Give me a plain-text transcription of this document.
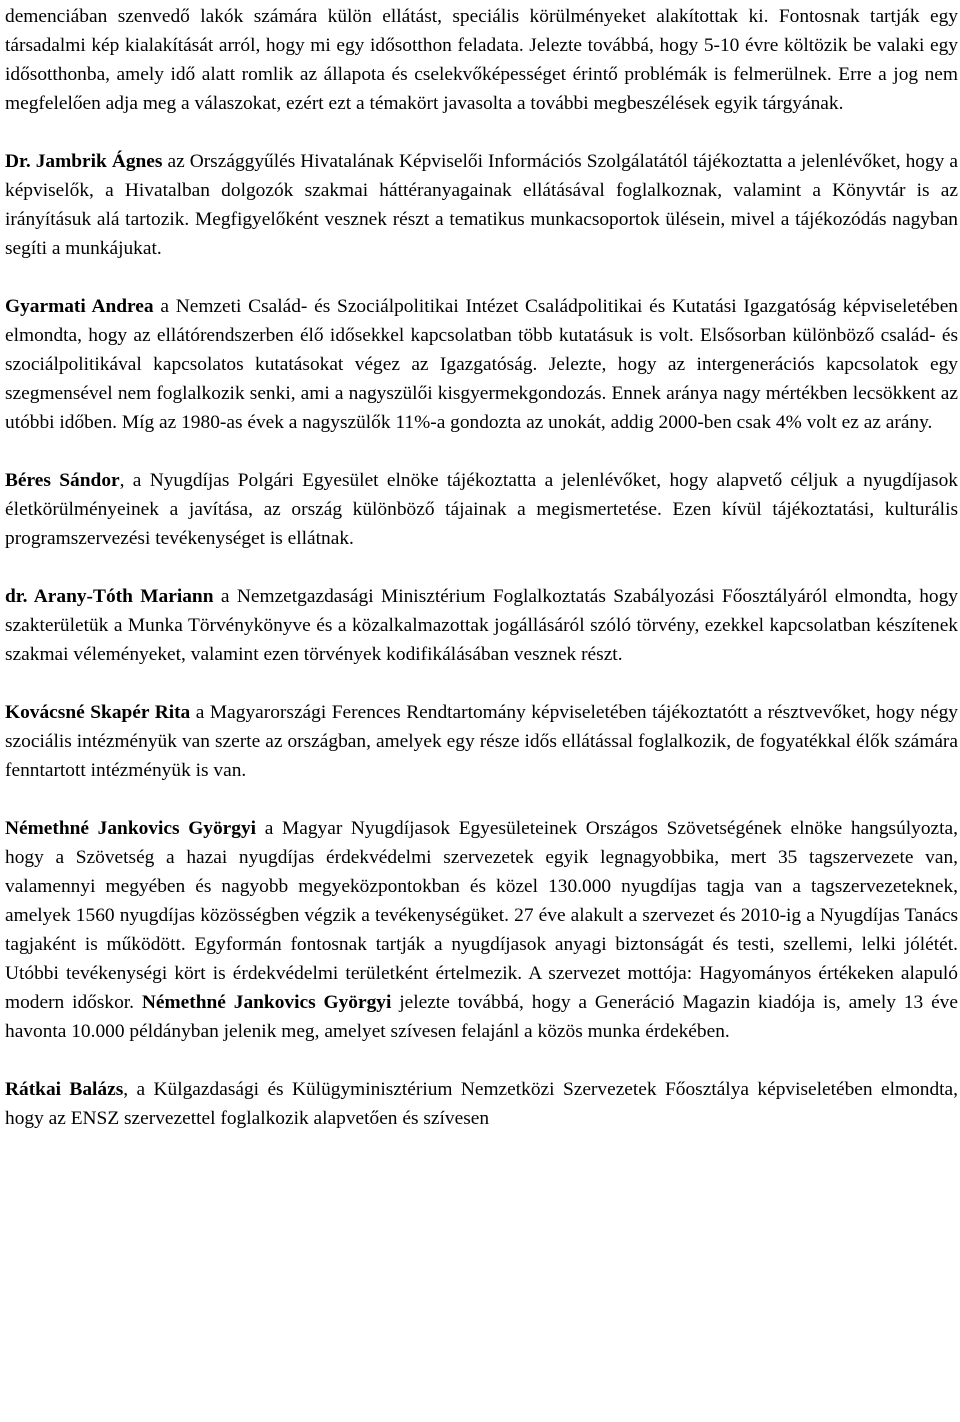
demenciában szenvedő lakók számára külön ellátást, speciális körülményeket alakítottak ki. Fontosnak tartják egy társadalmi kép kialakítását arról, hogy mi egy idősotthon feladata. Jelezte továbbá, hogy 5-10 évre költözik be valaki egy idősotthonba, amely idő alatt romlik az állapota és cselekvőképességet érintő problémák is felmerülnek. Erre a jog nem megfelelően adja meg a válaszokat, ezért ezt a témakört javasolta a további megbeszélések egyik tárgyának.

Dr. Jambrik Ágnes az Országgyűlés Hivatalának Képviselői Információs Szolgálatától tájékoztatta a jelenlévőket, hogy a képviselők, a Hivatalban dolgozók szakmai háttéranyagainak ellátásával foglalkoznak, valamint a Könyvtár is az irányításuk alá tartozik. Megfigyelőként vesznek részt a tematikus munkacsoportok ülésein, mivel a tájékozódás nagyban segíti a munkájukat.

Gyarmati Andrea a Nemzeti Család- és Szociálpolitikai Intézet Családpolitikai és Kutatási Igazgatóság képviseletében elmondta, hogy az ellátórendszerben élő idősekkel kapcsolatban több kutatásuk is volt. Elsősorban különböző család- és szociálpolitikával kapcsolatos kutatásokat végez az Igazgatóság. Jelezte, hogy az intergenerációs kapcsolatok egy szegmensével nem foglalkozik senki, ami a nagyszülői kisgyermekgondozás. Ennek aránya nagy mértékben lecsökkent az utóbbi időben. Míg az 1980-as évek a nagyszülők 11%-a gondozta az unokát, addig 2000-ben csak 4% volt ez az arány.

Béres Sándor, a Nyugdíjas Polgári Egyesület elnöke tájékoztatta a jelenlévőket, hogy alapvető céljuk a nyugdíjasok életkörülményeinek a javítása, az ország különböző tájainak a megismertetése. Ezen kívül tájékoztatási, kulturális programszervezési tevékenységet is ellátnak.

dr. Arany-Tóth Mariann a Nemzetgazdasági Minisztérium Foglalkoztatás Szabályozási Főosztályáról elmondta, hogy szakterületük a Munka Törvénykönyve és a közalkalmazottak jogállásáról szóló törvény, ezekkel kapcsolatban készítenek szakmai véleményeket, valamint ezen törvények kodifikálásában vesznek részt.

Kovácsné Skapér Rita a Magyarországi Ferences Rendtartomány képviseletében tájékoztatótt a résztvevőket, hogy négy szociális intézményük van szerte az országban, amelyek egy része idős ellátással foglalkozik, de fogyatékkal élők számára fenntartott intézményük is van.

Némethné Jankovics Györgyi a Magyar Nyugdíjasok Egyesületeinek Országos Szövetségének elnöke hangsúlyozta, hogy a Szövetség a hazai nyugdíjas érdekvédelmi szervezetek egyik legnagyobbika, mert 35 tagszervezete van, valamennyi megyében és nagyobb megyeközpontokban és közel 130.000 nyugdíjas tagja van a tagszervezeteknek, amelyek 1560 nyugdíjas közösségben végzik a tevékenységüket. 27 éve alakult a szervezet és 2010-ig a Nyugdíjas Tanács tagjaként is működött. Egyformán fontosnak tartják a nyugdíjasok anyagi biztonságát és testi, szellemi, lelki jólétét. Utóbbi tevékenységi kört is érdekvédelmi területként értelmezik. A szervezet mottója: Hagyományos értékeken alapuló modern időskor. Némethné Jankovics Györgyi jelezte továbbá, hogy a Generáció Magazin kiadója is, amely 13 éve havonta 10.000 példányban jelenik meg, amelyet szívesen felajánl a közös munka érdekében.

Rátkai Balázs, a Külgazdasági és Külügyminisztérium Nemzetközi Szervezetek Főosztálya képviseletében elmondta, hogy az ENSZ szervezettel foglalkozik alapvetően és szívesen
